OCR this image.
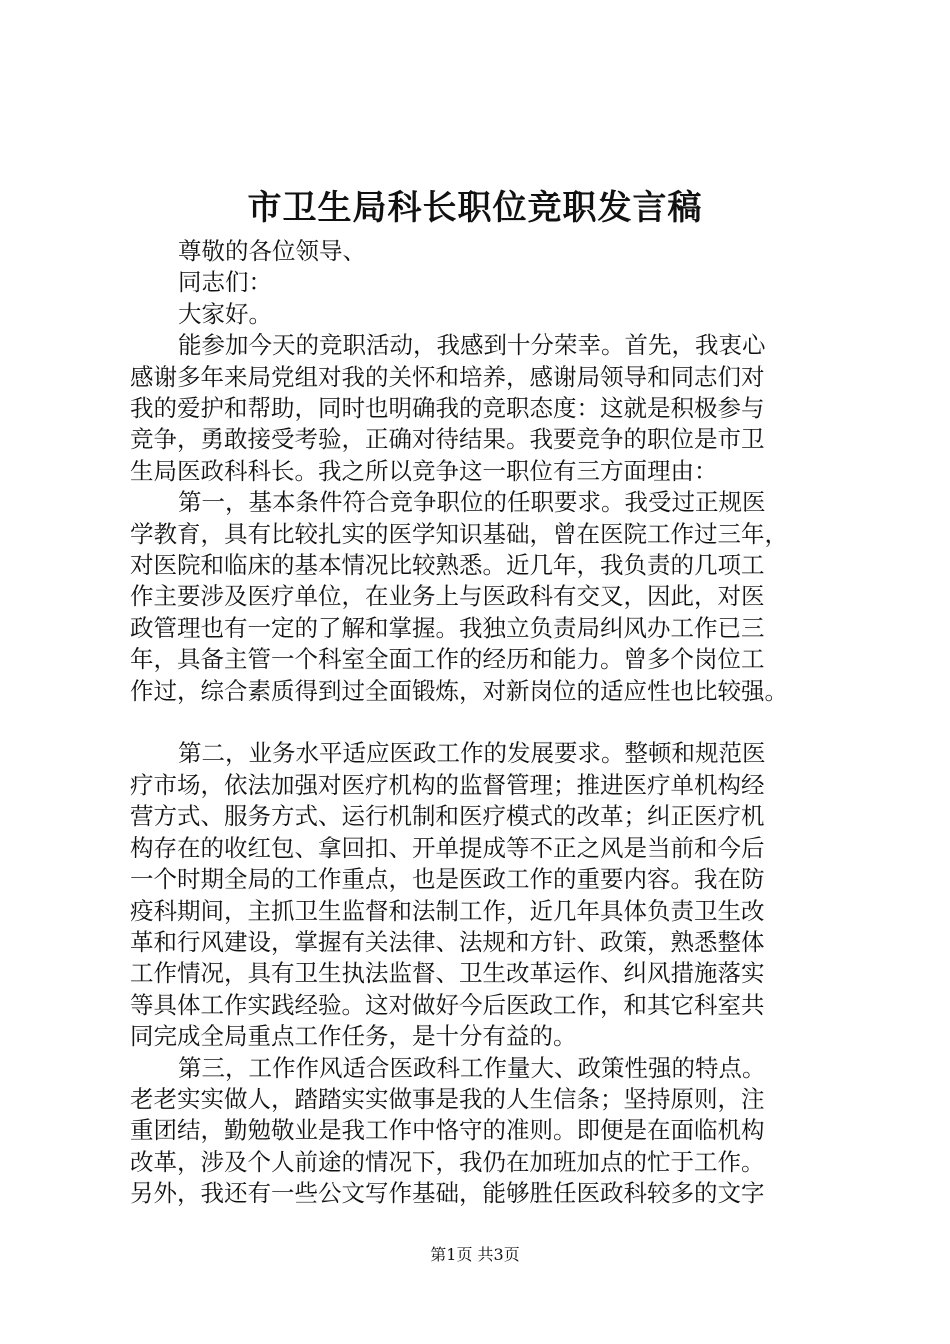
市卫生局科长职位竞职发言稿
尊敬的各位领导、
同志们：
大家好。
能参加今天的竞职活动，我感到十分荣幸。首先，我衷心
感谢多年来局党组对我的关怀和培养，感谢局领导和同志们对
我的爱护和帮助，同时也明确我的竞职态度：这就是积极参与
竞争，勇敢接受考验，正确对待结果。我要竞争的职位是市卫
生局医政科科长。我之所以竞争这一职位有三方面理由：
第一，基本条件符合竞争职位的任职要求。我受过正规医
学教育，具有比较扎实的医学知识基础，曾在医院工作过三年，
对医院和临床的基本情况比较熟悉。近几年，我负责的几项工
作主要涉及医疗单位，在业务上与医政科有交叉，因此，对医
政管理也有一定的了解和掌握。我独立负责局纠风办工作已三
年，具备主管一个科室全面工作的经历和能力。曾多个岗位工
作过，综合素质得到过全面锻炼，对新岗位的适应性也比较强。
第二，业务水平适应医政工作的发展要求。整顿和规范医
疗市场，依法加强对医疗机构的监督管理；推进医疗单机构经
营方式、服务方式、运行机制和医疗模式的改革；纠正医疗机
构存在的收红包、拿回扣、开单提成等不正之风是当前和今后
一个时期全局的工作重点，也是医政工作的重要内容。我在防
疫科期间，主抓卫生监督和法制工作，近几年具体负责卫生改
革和行风建设，掌握有关法律、法规和方针、政策，熟悉整体
工作情况，具有卫生执法监督、卫生改革运作、纠风措施落实
等具体工作实践经验。这对做好今后医政工作，和其它科室共
同完成全局重点工作任务，是十分有益的。
第三，工作作风适合医政科工作量大、政策性强的特点。
老老实实做人，踏踏实实做事是我的人生信条；坚持原则，注
重团结，勤勉敬业是我工作中恪守的准则。即便是在面临机构
改革，涉及个人前途的情况下，我仍在加班加点的忙于工作。
另外，我还有一些公文写作基础，能够胜任医政科较多的文字
第1页 共3页
